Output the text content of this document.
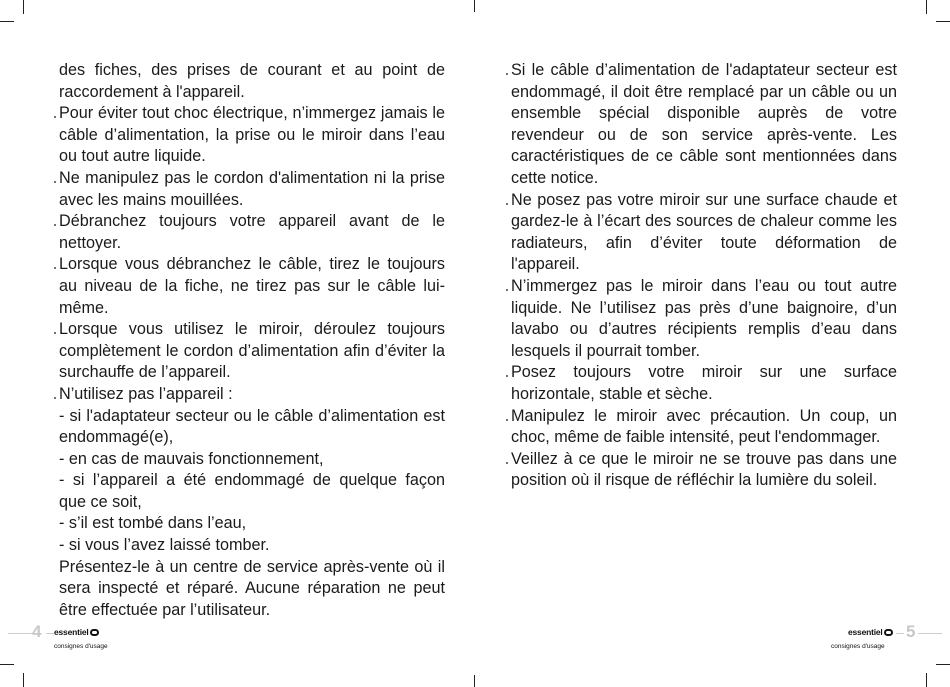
des fiches, des prises de courant et au point de raccordement à l'appareil.

Pour éviter tout choc électrique, n’immergez jamais le câble d’alimentation, la prise ou le miroir dans l’eau ou tout autre liquide.

Ne manipulez pas le cordon d'alimentation ni la prise avec les mains mouillées.

Débranchez toujours votre appareil avant de le nettoyer.

Lorsque vous débranchez le câble, tirez le toujours au niveau de la fiche, ne tirez pas sur le câble lui-même.

Lorsque vous utilisez le miroir, déroulez toujours complètement le cordon d’alimentation afin d’éviter la surchauffe de l’appareil.

N’utilisez pas l’appareil :

- si l'adaptateur secteur ou le câble d’alimentation est endommagé(e),

- en cas de mauvais fonctionnement,

- si l’appareil a été endommagé de quelque façon que ce soit,

- s’il est tombé dans l’eau,

- si vous l’avez laissé tomber.

Présentez-le à un centre de service après-vente où il sera inspecté et réparé. Aucune réparation ne peut être effectuée par l’utilisateur.

Si le câble d’alimentation de l'adaptateur secteur est endommagé, il doit être remplacé par un câble ou un ensemble spécial disponible auprès de votre revendeur ou de son service après-vente. Les caractéristiques de ce câble sont mentionnées dans cette notice.

Ne posez pas votre miroir sur une surface chaude et gardez-le à l’écart des sources de chaleur comme les radiateurs, afin d’éviter toute déformation de l'appareil.

N’immergez pas le miroir dans l’eau ou tout autre liquide. Ne l’utilisez pas près d’une baignoire, d’un lavabo ou d’autres récipients remplis d’eau dans lesquels il pourrait tomber.

Posez toujours votre miroir sur une surface horizontale, stable et sèche.

Manipulez le miroir avec précaution. Un coup, un choc, même de faible intensité, peut l'endommager.

Veillez à ce que le miroir ne se trouve pas dans une position où il risque de réfléchir la lumière du soleil.

4 essentiel
consignes d'usage
5
essentiel
consignes d'usage
